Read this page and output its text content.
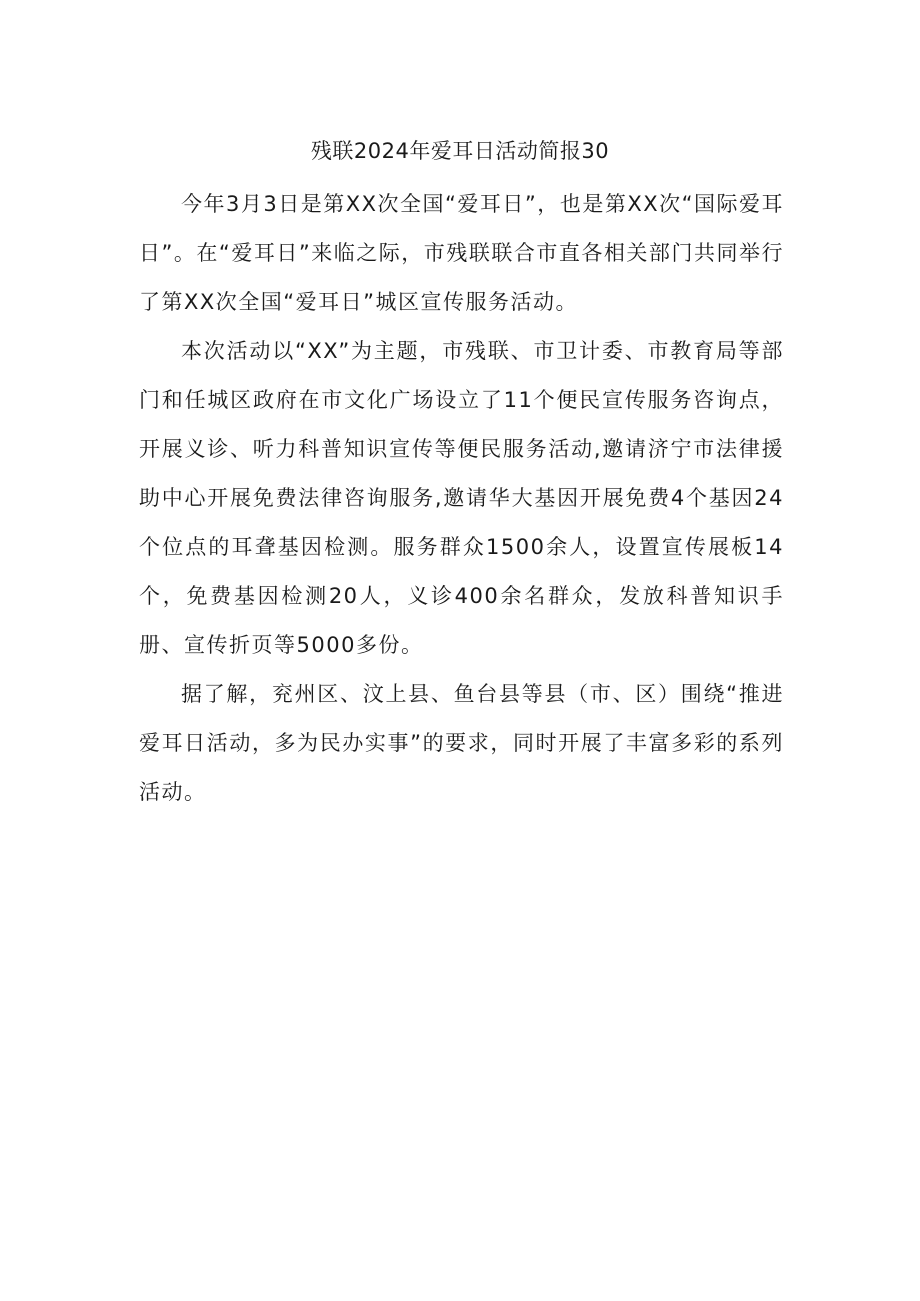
残联2024年爱耳日活动简报30

今年3月3日是第XX次全国“爱耳日”，也是第XX次“国际爱耳日”。在“爱耳日”来临之际，市残联联合市直各相关部门共同举行了第XX次全国“爱耳日”城区宣传服务活动。

本次活动以“XX”为主题，市残联、市卫计委、市教育局等部门和任城区政府在市文化广场设立了11个便民宣传服务咨询点，开展义诊、听力科普知识宣传等便民服务活动,邀请济宁市法律援助中心开展免费法律咨询服务,邀请华大基因开展免费4个基因24个位点的耳聋基因检测。服务群众1500余人，设置宣传展板14个，免费基因检测20人，义诊400余名群众，发放科普知识手册、宣传折页等5000多份。

据了解，兖州区、汶上县、鱼台县等县（市、区）围绕“推进爱耳日活动，多为民办实事”的要求，同时开展了丰富多彩的系列活动。
